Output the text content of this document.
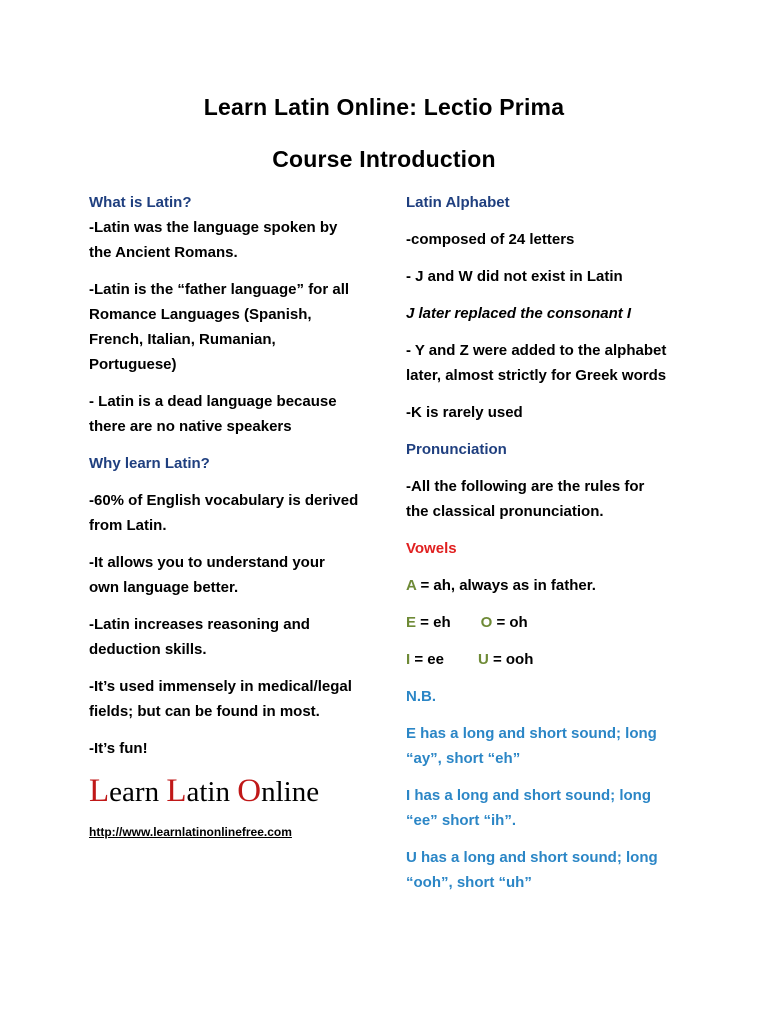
Learn Latin Online: Lectio Prima
Course Introduction
What is Latin?
-Latin was the language spoken by
the Ancient Romans.
-Latin is the “father language” for all
Romance Languages (Spanish,
French, Italian, Rumanian,
Portuguese)
- Latin is a dead language because
there are no native speakers
Why learn Latin?
-60% of English vocabulary is derived
from Latin.
-It allows you to understand your
own language better.
-Latin increases reasoning and
deduction skills.
-It’s used immensely in medical/legal
fields; but can be found in most.
-It’s fun!
Learn Latin Online
http://www.learnlatinonlinefree.com
Latin Alphabet
-composed of 24 letters
- J and W did not exist in Latin
J later replaced the consonant I
- Y and Z were added to the alphabet
later, almost strictly for Greek words
-K is rarely used
Pronunciation
-All the following are the rules for
the classical pronunciation.
Vowels
A = ah, always as in father.
E = eh O = oh
I = ee U = ooh
N.B.
E has a long and short sound; long
“ay”, short “eh”
I has a long and short sound; long
“ee” short “ih”.
U has a long and short sound; long
“ooh”, short “uh”
